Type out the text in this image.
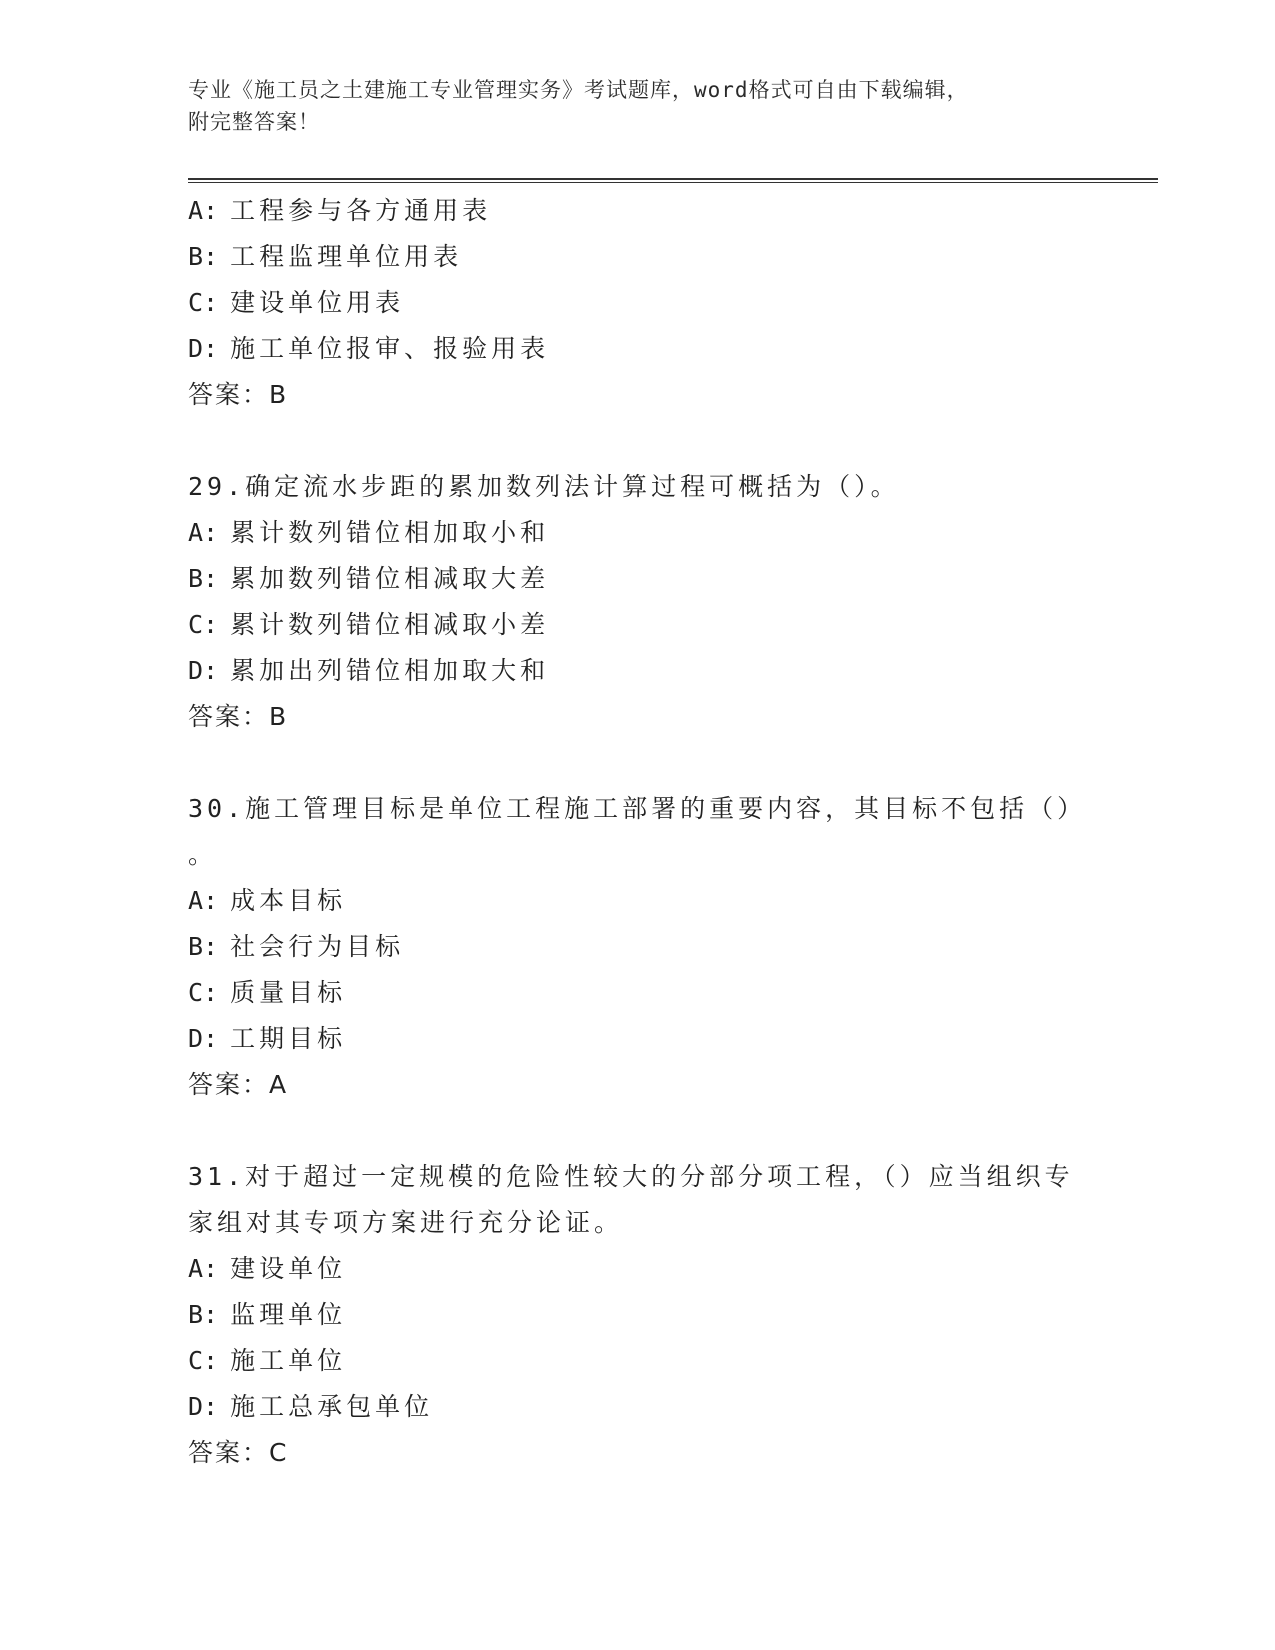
专业《施工员之土建施工专业管理实务》考试题库，word格式可自由下载编辑，
附完整答案！
A: 工程参与各方通用表
B: 工程监理单位用表
C: 建设单位用表
D: 施工单位报审、报验用表
答案：B
29.确定流水步距的累加数列法计算过程可概括为（）。
A: 累计数列错位相加取小和
B: 累加数列错位相减取大差
C: 累计数列错位相减取小差
D: 累加出列错位相加取大和
答案：B
30.施工管理目标是单位工程施工部署的重要内容，其目标不包括（）
。
A: 成本目标
B: 社会行为目标
C: 质量目标
D: 工期目标
答案：A
31.对于超过一定规模的危险性较大的分部分项工程，（）应当组织专
家组对其专项方案进行充分论证。
A: 建设单位
B: 监理单位
C: 施工单位
D: 施工总承包单位
答案：C
